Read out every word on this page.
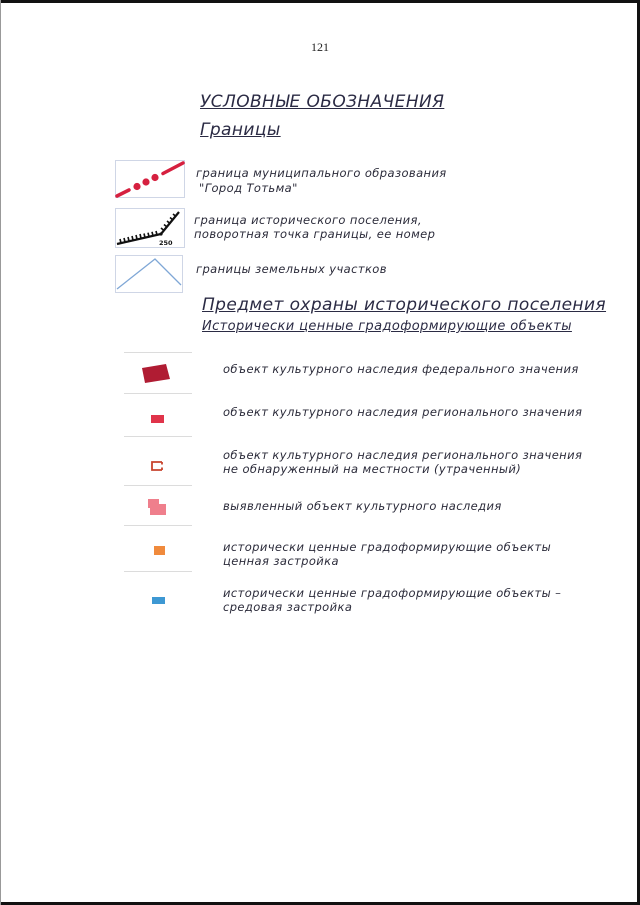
121
УСЛОВНЫЕ ОБОЗНАЧЕНИЯ
Границы
граница муниципального образования
"Город Тотьма"
250
граница исторического поселения,
поворотная точка границы, ее номер
границы земельных участков
Предмет охраны исторического поселения
Исторически ценные градоформирующие объекты
объект культурного наследия федерального значения
объект культурного наследия регионального значения
объект культурного наследия регионального значения
не обнаруженный на местности (утраченный)
выявленный объект культурного наследия
исторически ценные градоформирующие объекты
ценная застройка
исторически ценные градоформирующие объекты –
средовая застройка
